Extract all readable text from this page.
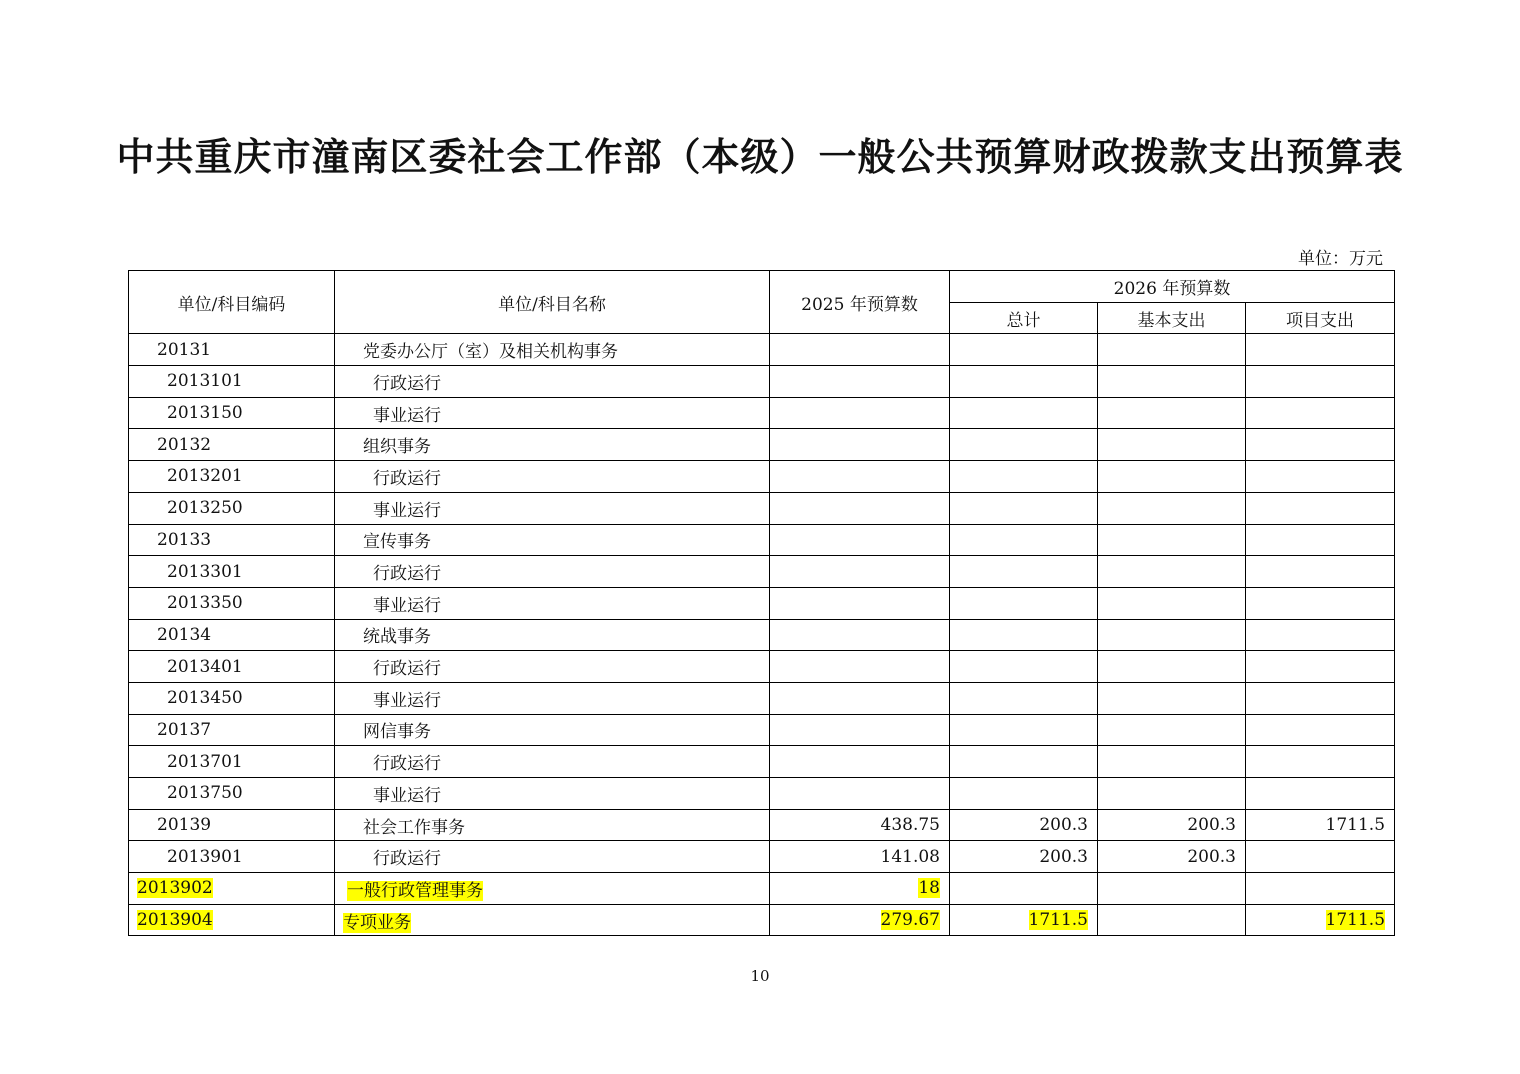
中共重庆市潼南区委社会工作部（本级）一般公共预算财政拨款支出预算表
单位：万元
单位/科目编码	单位/科目名称	2025 年预算数	2026 年预算数		
			总计	基本支出	项目支出
20131	党委办公厅（室）及相关机构事务				
2013101	行政运行				
2013150	事业运行				
20132	组织事务				
2013201	行政运行				
2013250	事业运行				
20133	宣传事务				
2013301	行政运行				
2013350	事业运行				
20134	统战事务				
2013401	行政运行				
2013450	事业运行				
20137	网信事务				
2013701	行政运行				
2013750	事业运行				
20139	社会工作事务	438.75	200.3	200.3	1711.5
2013901	行政运行	141.08	200.3	200.3	
2013902	一般行政管理事务	18			
2013904	专项业务	279.67	1711.5		1711.5
10
